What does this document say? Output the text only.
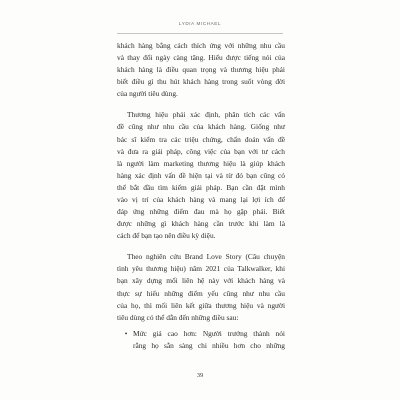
LYDIA MICHAEL
khách hàng bằng cách thích ứng với những nhu cầu
và thay đổi ngày càng tăng. Hiểu được tiếng nói của
khách hàng là điều quan trọng và thương hiệu phải
biết điều gì thu hút khách hàng trong suốt vòng đời
của người tiêu dùng.
Thương hiệu phải xác định, phân tích các vấn
đề cũng như nhu cầu của khách hàng. Giống như
bác sĩ kiểm tra các triệu chứng, chẩn đoán vấn đề
và đưa ra giải pháp, công việc của bạn với tư cách
là người làm marketing thương hiệu là giúp khách
hàng xác định vấn đề hiện tại và từ đó bạn cũng có
thể bắt đầu tìm kiếm giải pháp. Bạn cần đặt mình
vào vị trí của khách hàng và mang lại lợi ích để
đáp ứng những điểm đau mà họ gặp phải. Biết
được những gì khách hàng cần trước khi làm là
cách để bạn tạo nên điều kỳ diệu.
Theo nghiên cứu Brand Love Story (Câu chuyện
tình yêu thương hiệu) năm 2021 của Talkwalker, khi
bạn xây dựng mối liên hệ này với khách hàng và
thực sự hiểu những điểm yếu cũng như nhu cầu
của họ, thì mối liên kết giữa thương hiệu và người
tiêu dùng có thể dẫn đến những điều sau:
• Mức giá cao hơn: Người trưởng thành nói
rằng họ sẵn sàng chi nhiều hơn cho những
39
